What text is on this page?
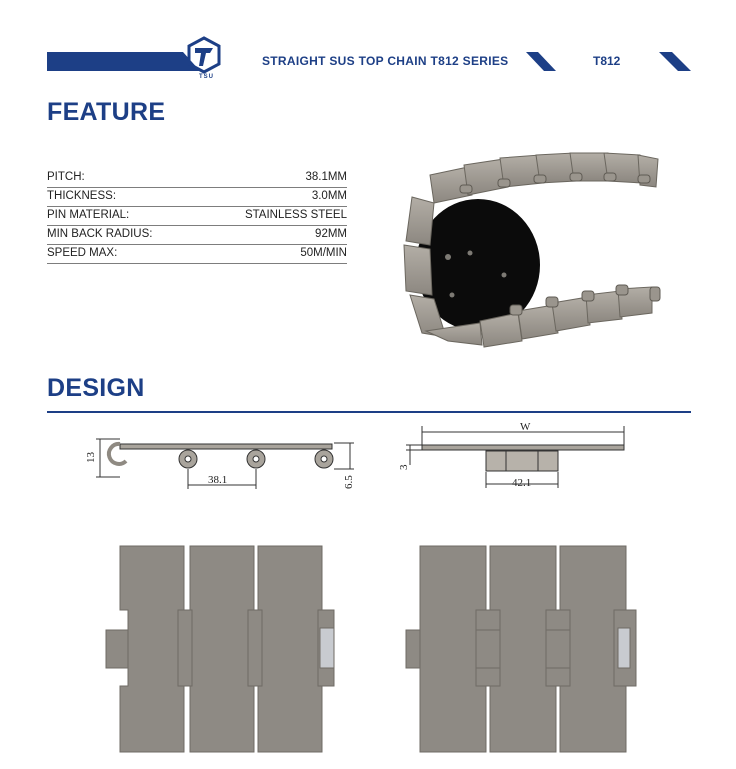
TSU
STRAIGHT SUS TOP CHAIN T812 SERIES	T812
FEATURE
PITCH:	38.1MM
THICKNESS:	3.0MM
PIN MATERIAL:	STAINLESS STEEL
MIN BACK RADIUS:	92MM
SPEED MAX:	50M/MIN
DESIGN
13
38.1	6.5
W
3
42.1
